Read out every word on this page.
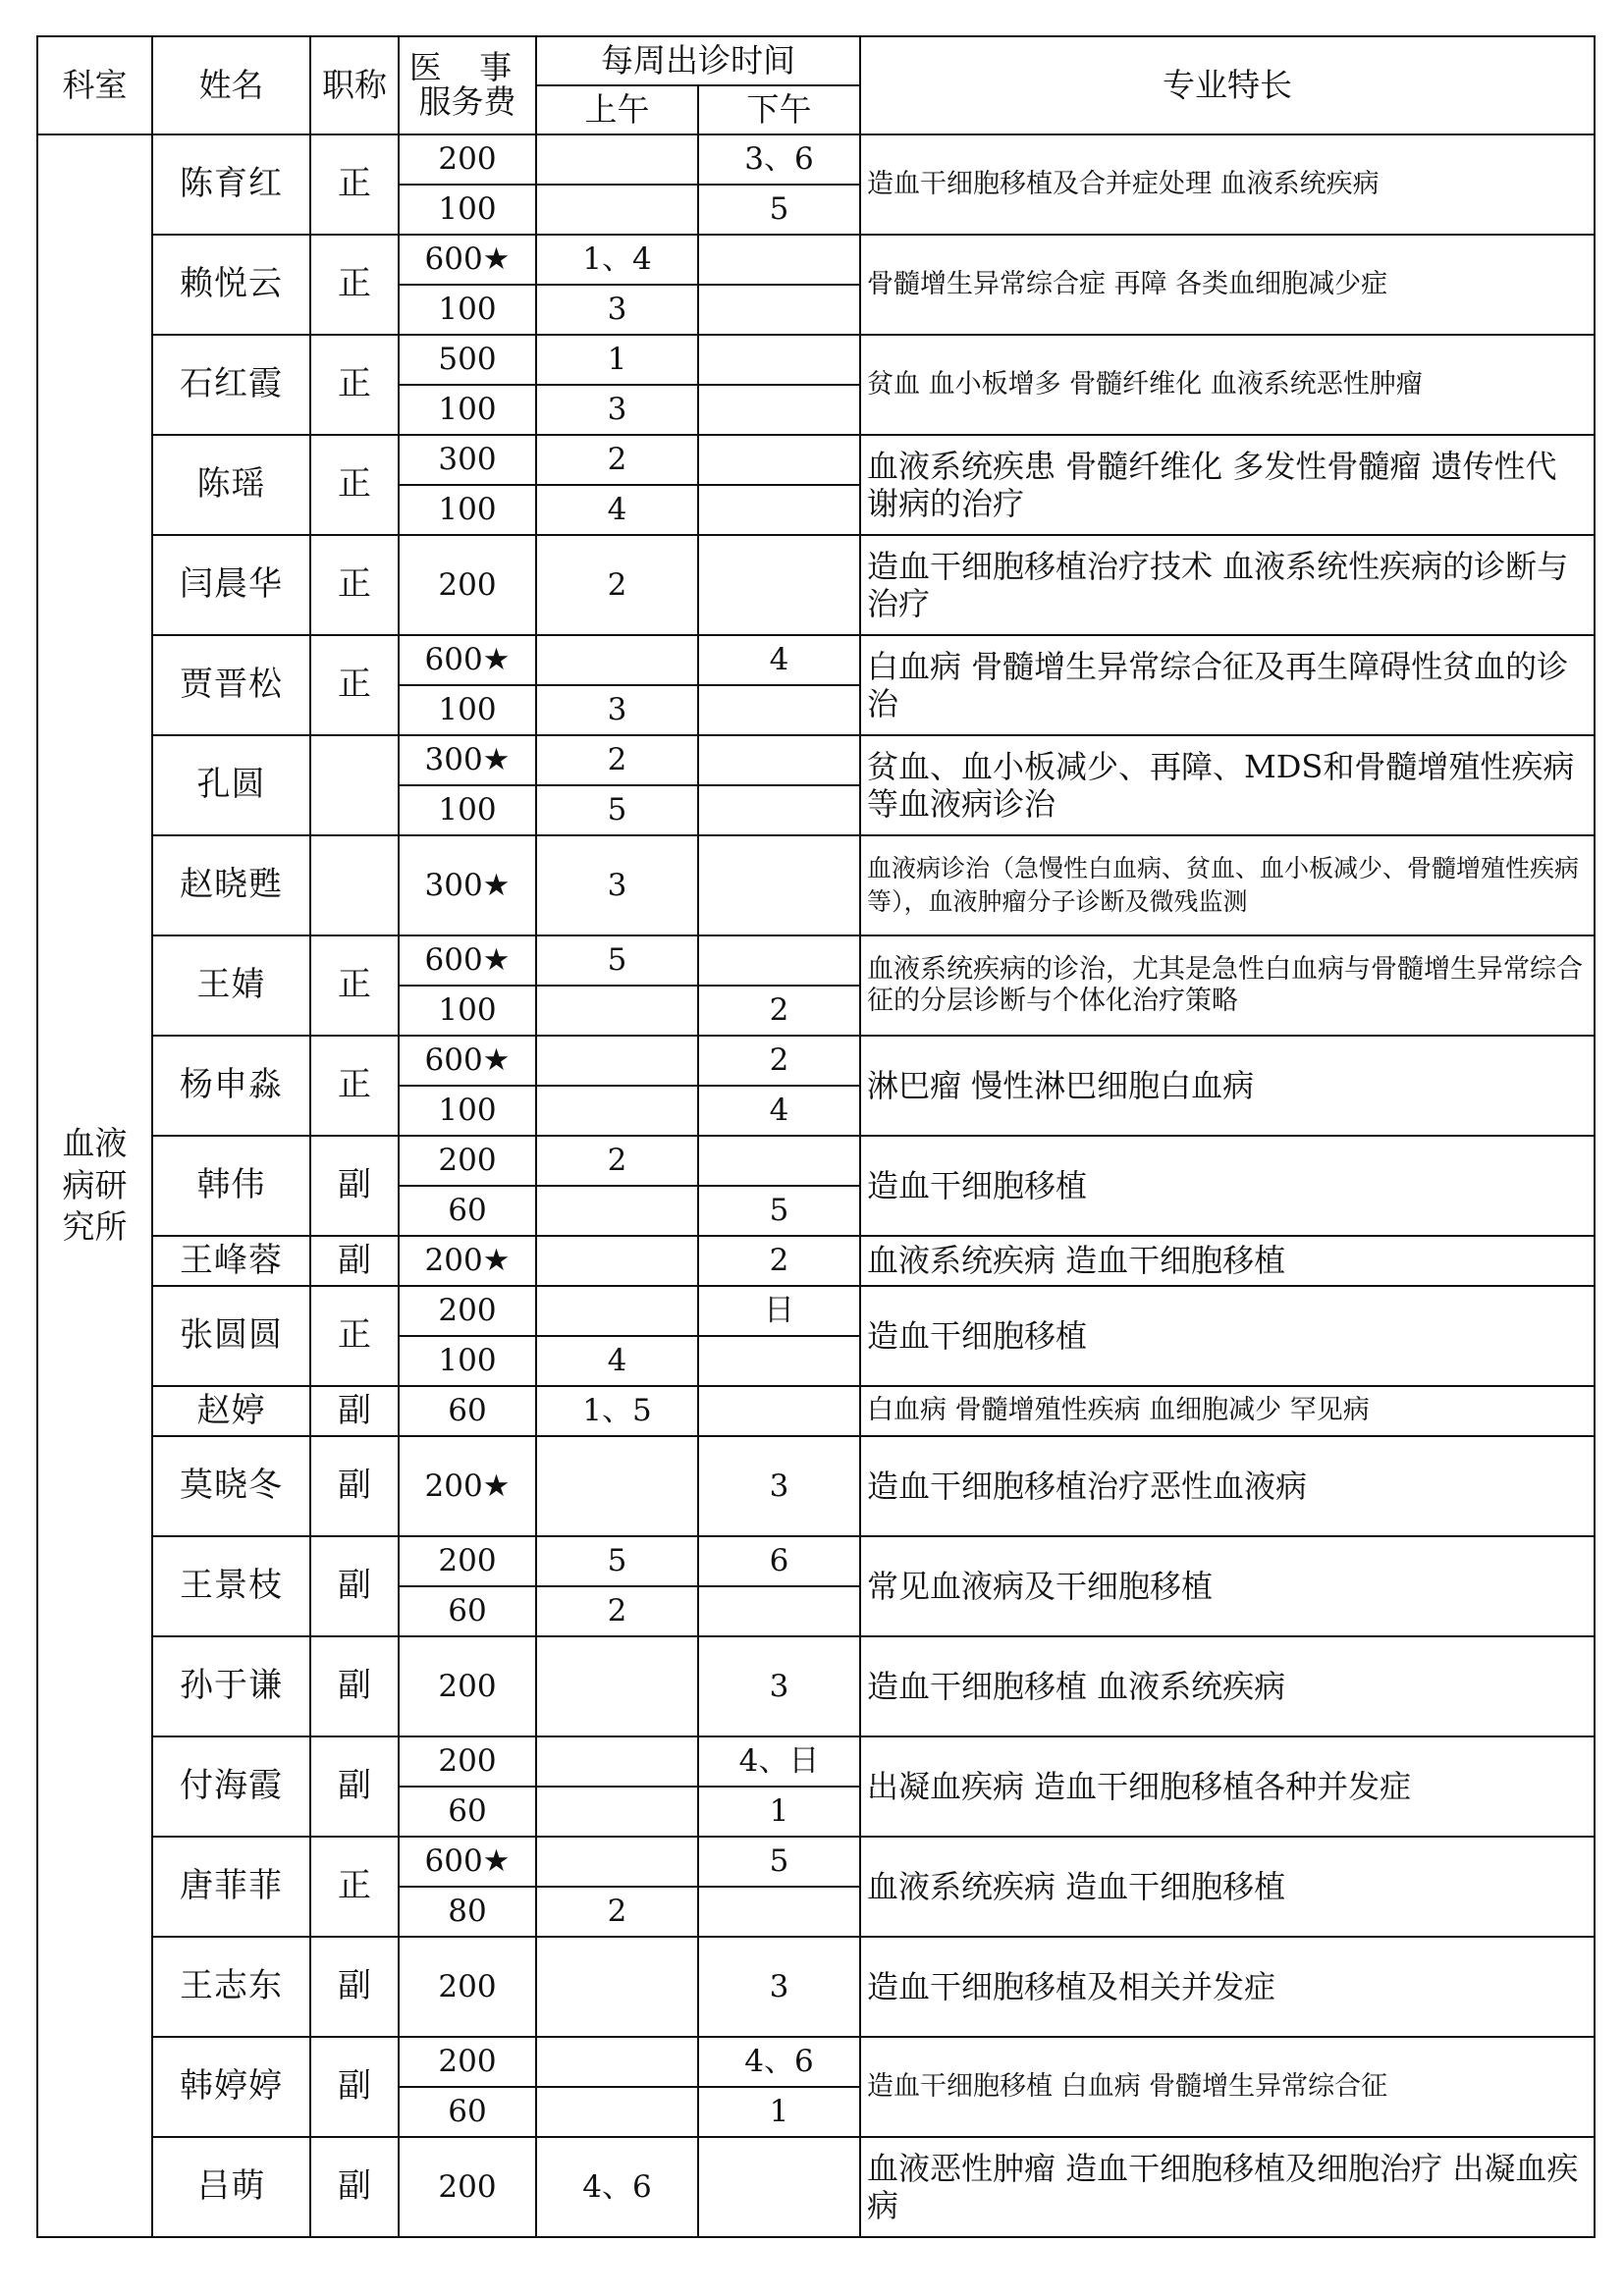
科室	姓名	职称	医 事
服务费	每周出诊时间		专业特长
				上午	下午	
血液病研究所	陈育红	正	200		3、6	造血干细胞移植及合并症处理 血液系统疾病
			100		5	
	赖悦云	正	600★	1、4		骨髓增生异常综合症 再障 各类血细胞减少症
			100	3		
	石红霞	正	500	1		贫血 血小板增多 骨髓纤维化 血液系统恶性肿瘤
			100	3		
	陈瑶	正	300	2		血液系统疾患 骨髓纤维化 多发性骨髓瘤 遗传性代谢病的治疗
			100	4		
	闫晨华	正	200	2		造血干细胞移植治疗技术 血液系统性疾病的诊断与治疗
	贾晋松	正	600★		4	白血病 骨髓增生异常综合征及再生障碍性贫血的诊治
			100	3		
	孔圆		300★	2		贫血、血小板减少、再障、MDS和骨髓增殖性疾病等血液病诊治
			100	5		
	赵晓甦		300★	3		血液病诊治（急慢性白血病、贫血、血小板减少、骨髓增殖性疾病等），血液肿瘤分子诊断及微残监测
	王婧	正	600★	5		血液系统疾病的诊治，尤其是急性白血病与骨髓增生异常综合征的分层诊断与个体化治疗策略
			100		2	
	杨申淼	正	600★		2	淋巴瘤 慢性淋巴细胞白血病
			100		4	
	韩伟	副	200	2		造血干细胞移植
			60		5	
	王峰蓉	副	200★		2	血液系统疾病 造血干细胞移植
	张圆圆	正	200		日	造血干细胞移植
			100	4		
	赵婷	副	60	1、5		白血病 骨髓增殖性疾病 血细胞减少 罕见病
	莫晓冬	副	200★		3	造血干细胞移植治疗恶性血液病
	王景枝	副	200	5	6	常见血液病及干细胞移植
			60	2		
	孙于谦	副	200		3	造血干细胞移植 血液系统疾病
	付海霞	副	200		4、日	出凝血疾病 造血干细胞移植各种并发症
			60		1	
	唐菲菲	正	600★		5	血液系统疾病 造血干细胞移植
			80	2		
	王志东	副	200		3	造血干细胞移植及相关并发症
	韩婷婷	副	200		4、6	造血干细胞移植 白血病 骨髓增生异常综合征
			60		1	
	吕萌	副	200	4、6		血液恶性肿瘤 造血干细胞移植及细胞治疗 出凝血疾病
